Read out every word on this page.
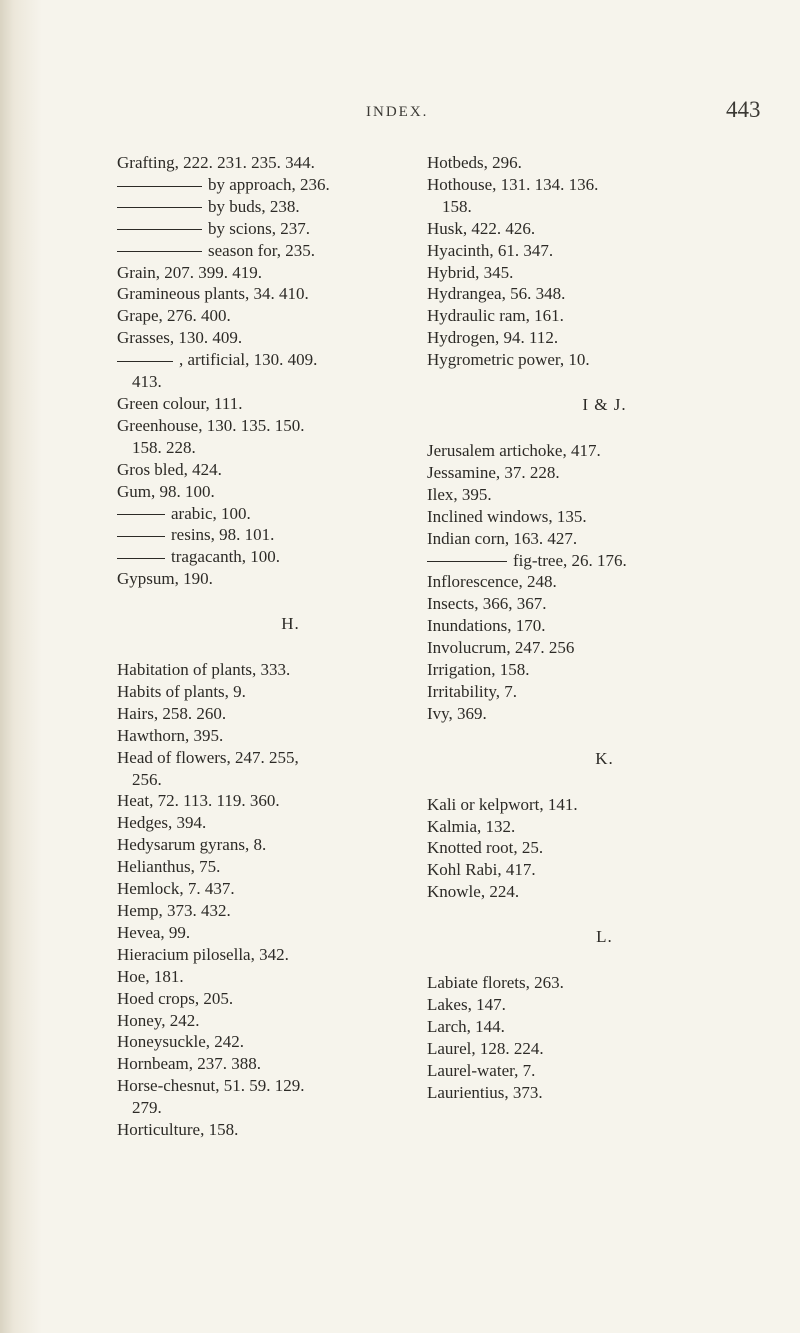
INDEX.	443
Grafting, 222. 231. 235. 344.
by approach, 236.
by buds, 238.
by scions, 237.
season for, 235.
Grain, 207. 399. 419.
Gramineous plants, 34. 410.
Grape, 276. 400.
Grasses, 130. 409.
, artificial, 130. 409.
413.
Green colour, 111.
Greenhouse, 130. 135. 150.
158. 228.
Gros bled, 424.
Gum, 98. 100.
arabic, 100.
resins, 98. 101.
tragacanth, 100.
Gypsum, 190.
H.
Habitation of plants, 333.
Habits of plants, 9.
Hairs, 258. 260.
Hawthorn, 395.
Head of flowers, 247. 255,
256.
Heat, 72. 113. 119. 360.
Hedges, 394.
Hedysarum gyrans, 8.
Helianthus, 75.
Hemlock, 7. 437.
Hemp, 373. 432.
Hevea, 99.
Hieracium pilosella, 342.
Hoe, 181.
Hoed crops, 205.
Honey, 242.
Honeysuckle, 242.
Hornbeam, 237. 388.
Horse-chesnut, 51. 59. 129.
279.
Horticulture, 158.
Hotbeds, 296.
Hothouse, 131. 134. 136.
158.
Husk, 422. 426.
Hyacinth, 61. 347.
Hybrid, 345.
Hydrangea, 56. 348.
Hydraulic ram, 161.
Hydrogen, 94. 112.
Hygrometric power, 10.
I & J.
Jerusalem artichoke, 417.
Jessamine, 37. 228.
Ilex, 395.
Inclined windows, 135.
Indian corn, 163. 427.
fig-tree, 26. 176.
Inflorescence, 248.
Insects, 366, 367.
Inundations, 170.
Involucrum, 247. 256
Irrigation, 158.
Irritability, 7.
Ivy, 369.
K.
Kali or kelpwort, 141.
Kalmia, 132.
Knotted root, 25.
Kohl Rabi, 417.
Knowle, 224.
L.
Labiate florets, 263.
Lakes, 147.
Larch, 144.
Laurel, 128. 224.
Laurel-water, 7.
Laurientius, 373.
